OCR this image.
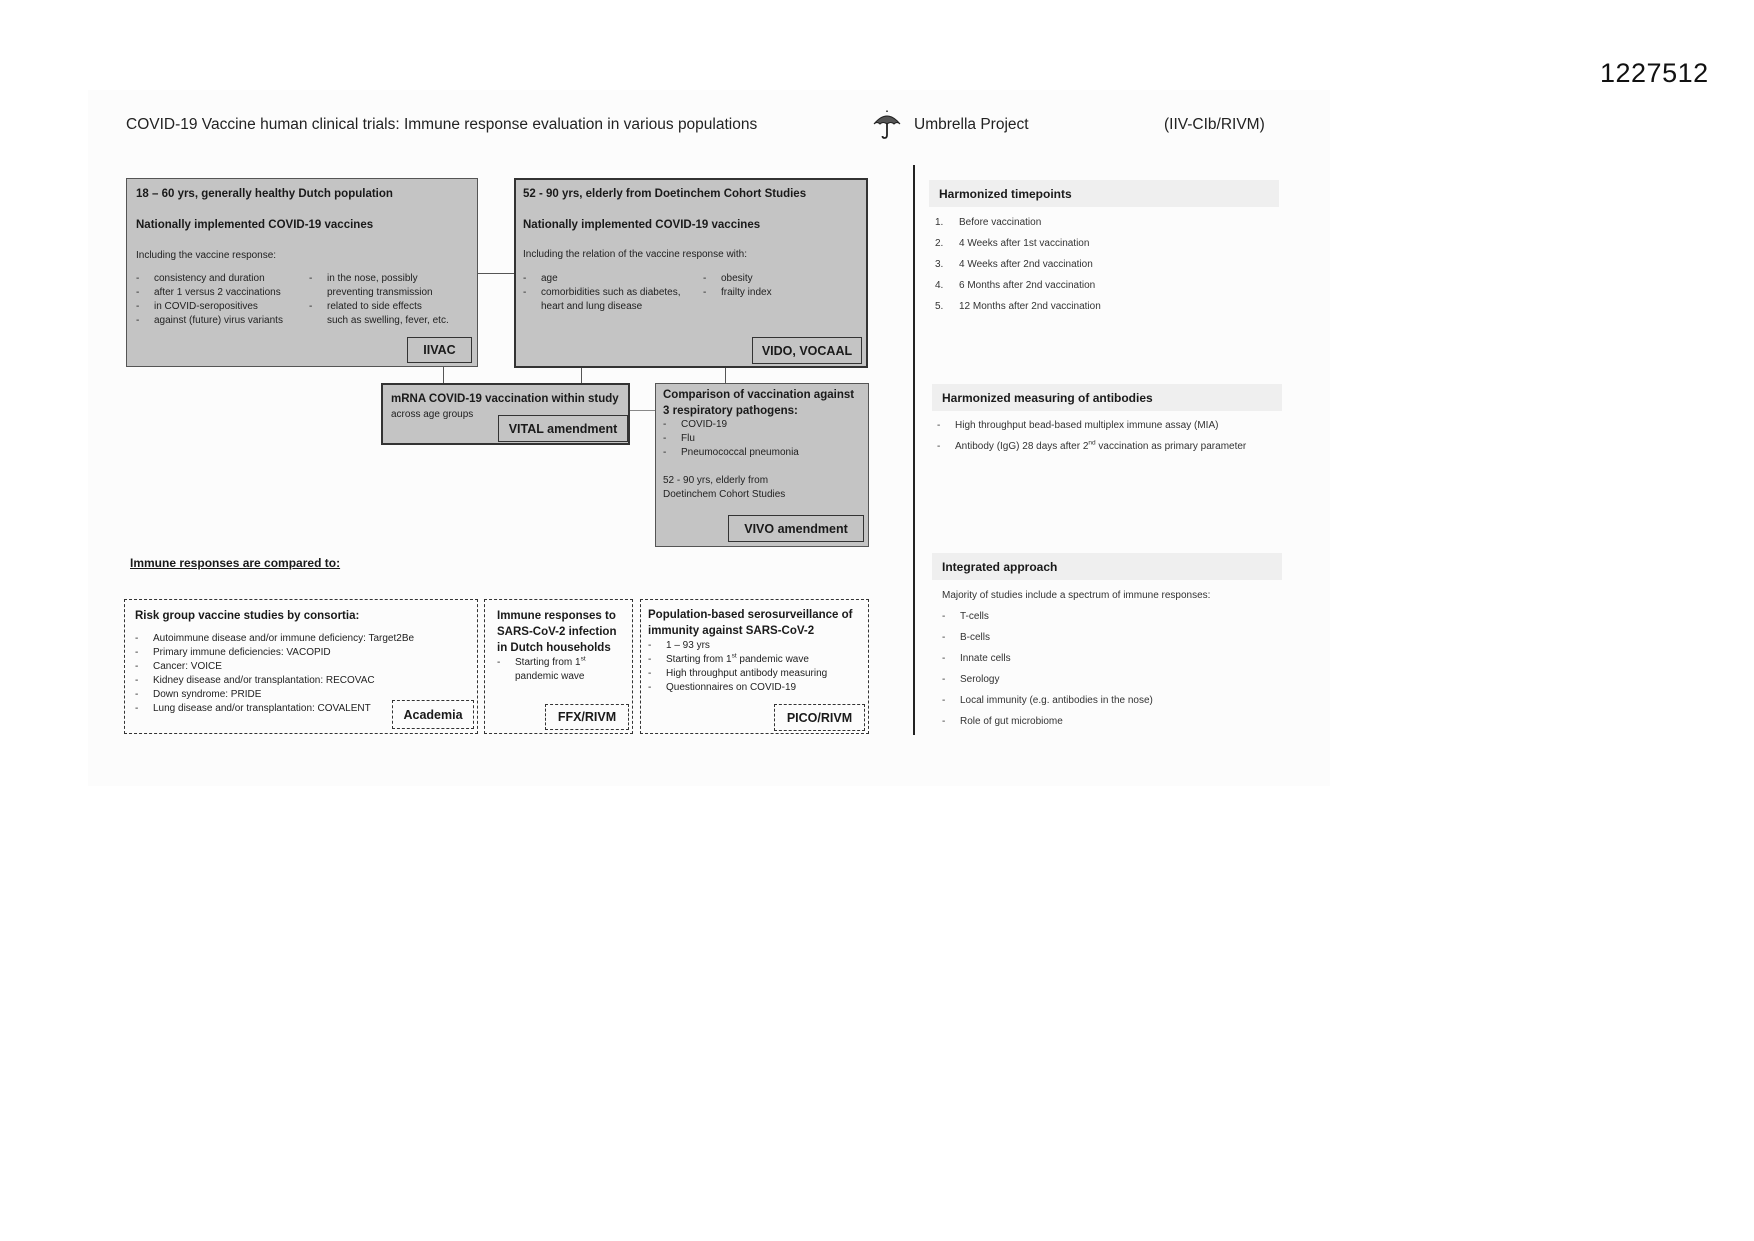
1227512
COVID-19 Vaccine human clinical trials: Immune response evaluation in various populations	Umbrella Project	(IIV-CIb/RIVM)
18 – 60 yrs, generally healthy Dutch population
Nationally implemented COVID-19 vaccines
Including the vaccine response:
- consistency and duration
- after 1 versus 2 vaccinations
- in COVID-seropositives
- against (future) virus variants
- in the nose, possibly
preventing transmission
- related to side effects
such as swelling, fever, etc.
IIVAC
52 - 90 yrs, elderly from Doetinchem Cohort Studies
Nationally implemented COVID-19 vaccines
Including the relation of the vaccine response with:
- age
- comorbidities such as diabetes,
heart and lung disease
- obesity
- frailty index
VIDO, VOCAAL
mRNA COVID-19 vaccination within study
across age groups
VITAL amendment
Comparison of vaccination against
3 respiratory pathogens:
- COVID-19
- Flu
- Pneumococcal pneumonia
52 - 90 yrs, elderly from
Doetinchem Cohort Studies
VIVO amendment
Immune responses are compared to:
Risk group vaccine studies by consortia:
- Autoimmune disease and/or immune deficiency: Target2Be
- Primary immune deficiencies: VACOPID
- Cancer: VOICE
- Kidney disease and/or transplantation: RECOVAC
- Down syndrome: PRIDE
- Lung disease and/or transplantation: COVALENT	Academia
Immune responses to
SARS-CoV-2 infection
in Dutch households
- Starting from 1st
pandemic wave
FFX/RIVM
Population-based serosurveillance of
immunity against SARS-CoV-2
- 1 – 93 yrs
- Starting from 1st pandemic wave
- High throughput antibody measuring
- Questionnaires on COVID-19
PICO/RIVM
Harmonized timepoints
1. Before vaccination
2. 4 Weeks after 1st vaccination
3. 4 Weeks after 2nd vaccination
4. 6 Months after 2nd vaccination
5. 12 Months after 2nd vaccination
Harmonized measuring of antibodies
- High throughput bead-based multiplex immune assay (MIA)
- Antibody (IgG) 28 days after 2nd vaccination as primary parameter
Integrated approach
Majority of studies include a spectrum of immune responses:
- T-cells
- B-cells
- Innate cells
- Serology
- Local immunity (e.g. antibodies in the nose)
- Role of gut microbiome
